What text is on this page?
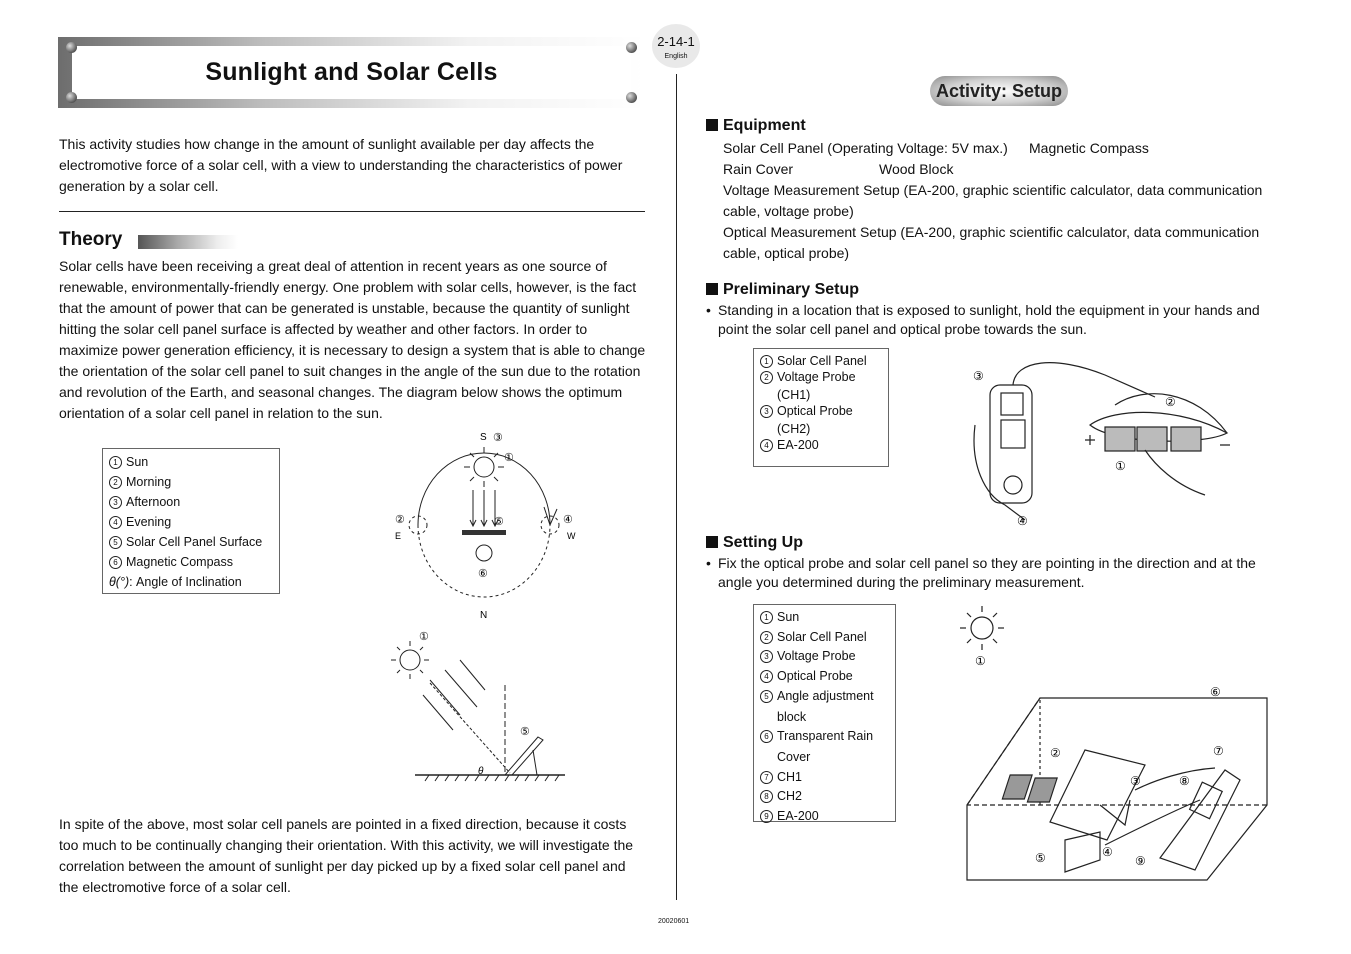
Sunlight and Solar Cells
2-14-1
English
This activity studies how change in the amount of sunlight available per day affects the electromotive force of a solar cell, with a view to understanding the characteristics of power generation by a solar cell.
Theory
Solar cells have been receiving a great deal of attention in recent years as one source of renewable, environmentally-friendly energy. One problem with solar cells, however, is the fact that the amount of power that can be generated is unstable, because the quantity of sunlight hitting the solar cell panel surface is affected by weather and other factors. In order to maximize power generation efficiency, it is necessary to design a system that is able to change the orientation of the solar cell panel to suit changes in the angle of the sun due to the rotation and revolution of the Earth, and seasonal changes. The diagram below shows the optimum orientation of a solar cell panel in relation to the sun.
1 Sun
2 Morning
3 Afternoon
4 Evening
5 Solar Cell Panel Surface
6 Magnetic Compass
θ(°): Angle of Inclination
S
N
E	W
③
①
②	④
⑤
⑥
①
⑤
θ
In spite of the above, most solar cell panels are pointed in a fixed direction, because it costs too much to be continually changing their orientation. With this activity, we will investigate the correlation between the amount of sunlight per day picked up by a fixed solar cell panel and the electromotive force of a solar cell.
Activity: Setup
Equipment
Solar Cell Panel (Operating Voltage: 5V max.) Magnetic Compass
Rain Cover	Wood Block
Voltage Measurement Setup (EA-200, graphic scientific calculator, data communication cable, voltage probe)
Optical Measurement Setup (EA-200, graphic scientific calculator, data communication cable, optical probe)
Preliminary Setup
• Standing in a location that is exposed to sunlight, hold the equipment in your hands and point the solar cell panel and optical probe towards the sun.
1 Solar Cell Panel
2 Voltage Probe
(CH1)
3 Optical Probe
(CH2)
4 EA-200
③
②
①
④
Setting Up
• Fix the optical probe and solar cell panel so they are pointing in the direction and at the angle you determined during the preliminary measurement.
1 Sun
2 Solar Cell Panel
3 Voltage Probe
4 Optical Probe
5 Angle adjustment
block
6 Transparent Rain
Cover
7 CH1
8 CH2
9 EA-200
①
⑥
②	⑦
③	⑧
⑤	④
⑨
20020601
